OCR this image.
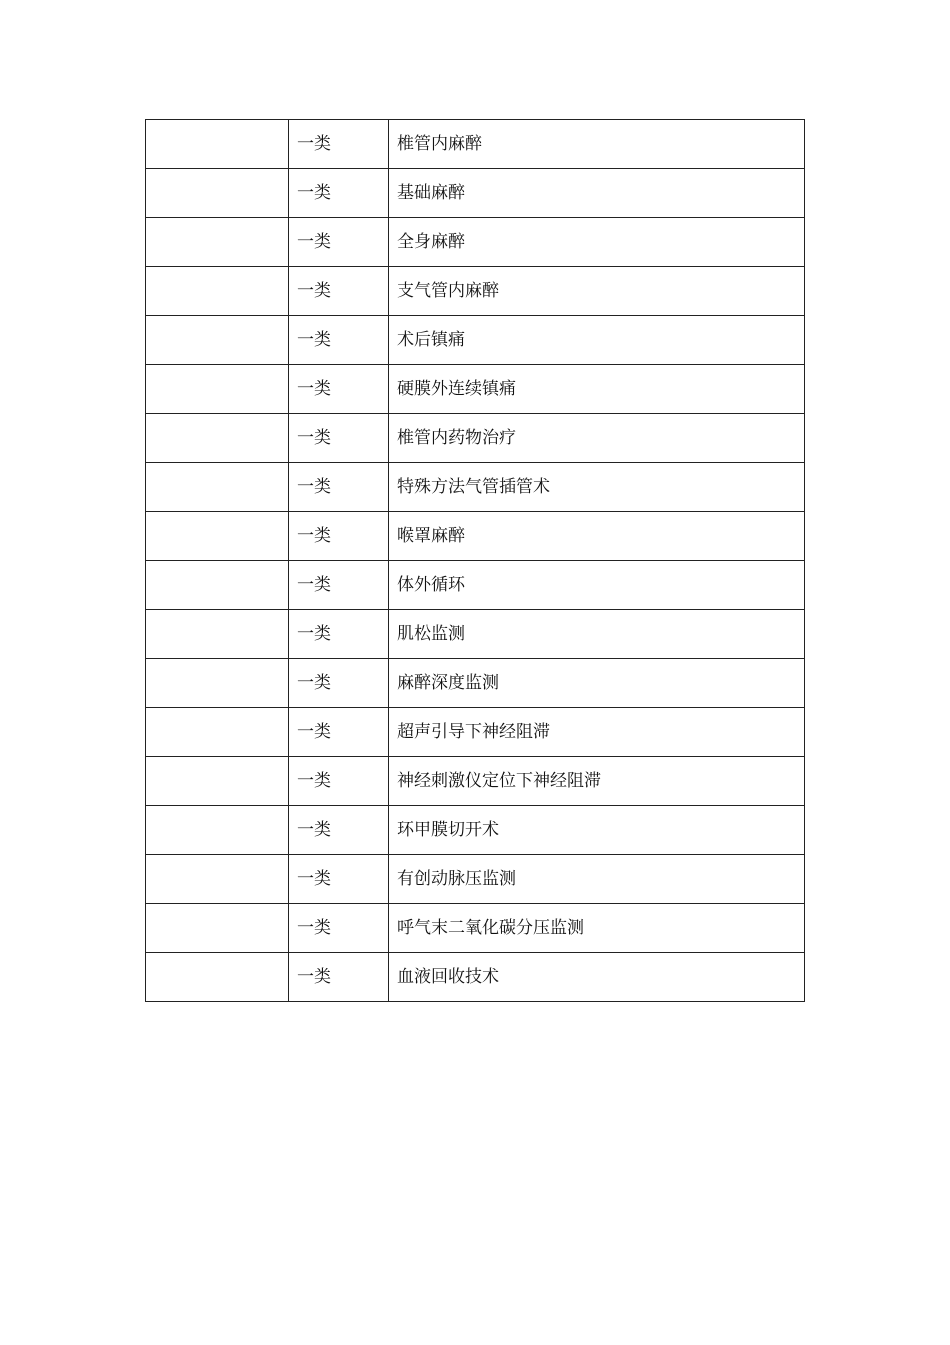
	一类	椎管内麻醉
	一类	基础麻醉
	一类	全身麻醉
	一类	支气管内麻醉
	一类	术后镇痛
	一类	硬膜外连续镇痛
	一类	椎管内药物治疗
	一类	特殊方法气管插管术
	一类	喉罩麻醉
	一类	体外循环
	一类	肌松监测
	一类	麻醉深度监测
	一类	超声引导下神经阻滞
	一类	神经刺激仪定位下神经阻滞
	一类	环甲膜切开术
	一类	有创动脉压监测
	一类	呼气末二氧化碳分压监测
	一类	血液回收技术
